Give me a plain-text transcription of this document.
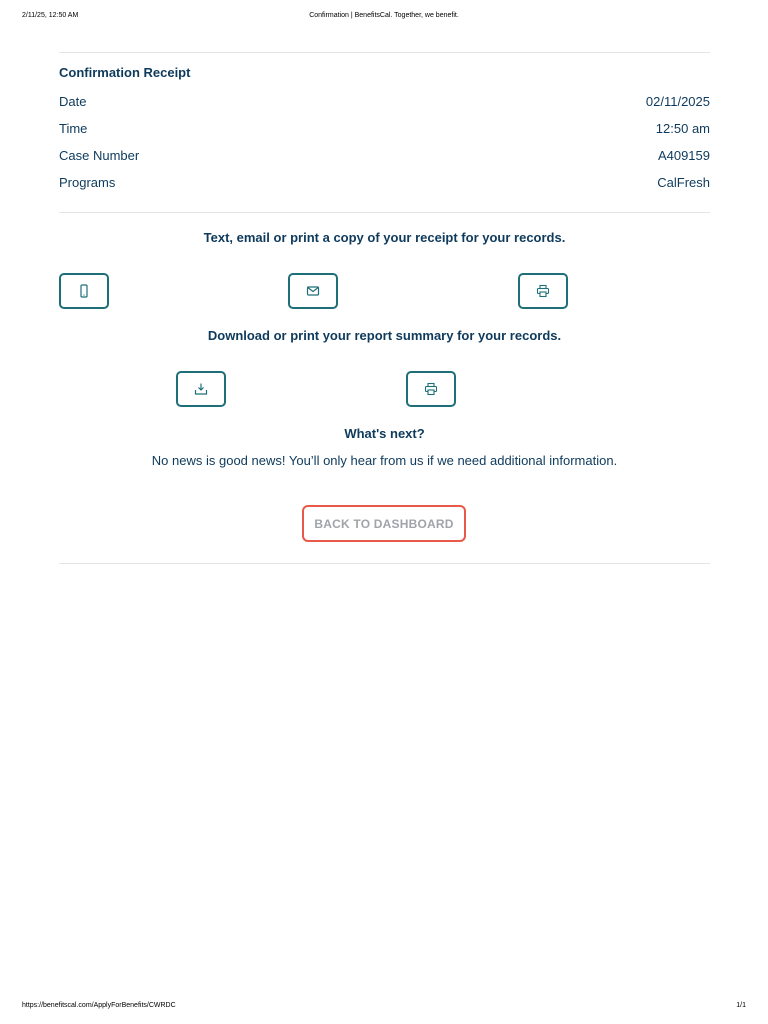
2/11/25, 12:50 AM	Confirmation | BenefitsCal. Together, we benefit.
Confirmation Receipt
Date	02/11/2025
Time	12:50 am
Case Number	A409159
Programs	CalFresh
Text, email or print a copy of your receipt for your records.
Download or print your report summary for your records.
What's next?
No news is good news! You’ll only hear from us if we need additional information.
BACK TO DASHBOARD
https://benefitscal.com/ApplyForBenefits/CWRDC	1/1
